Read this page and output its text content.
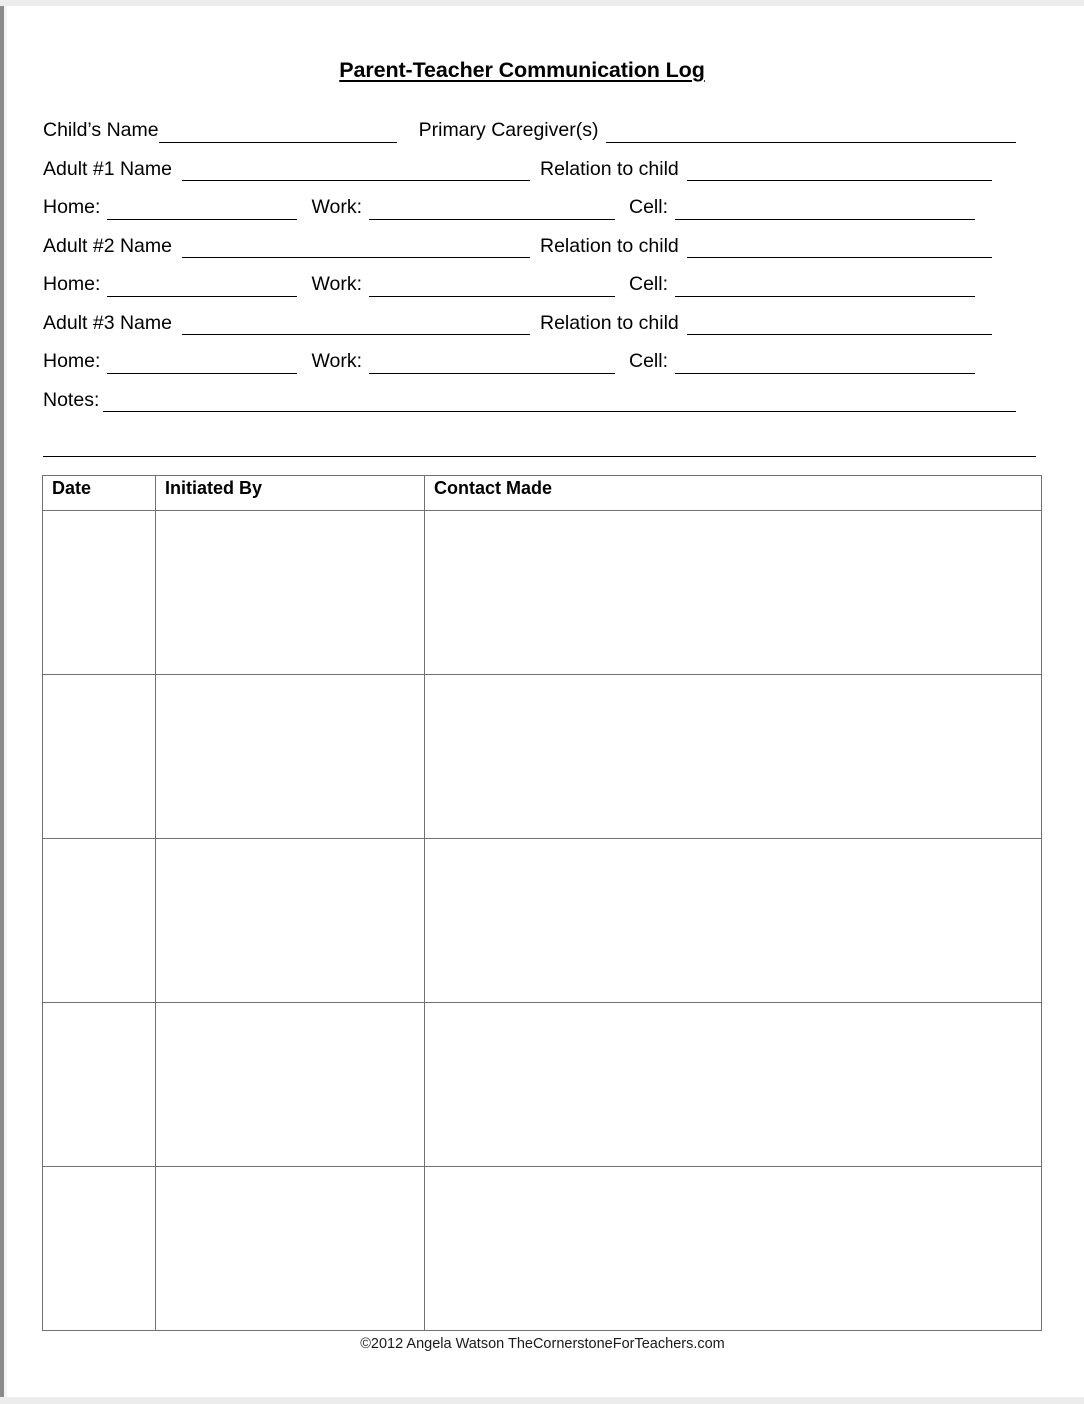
Parent-Teacher Communication Log
Child’s Name	Primary Caregiver(s)
Adult #1 Name	Relation to child
Home:	Work:	Cell:
Adult #2 Name	Relation to child
Home:	Work:	Cell:
Adult #3 Name	Relation to child
Home:	Work:	Cell:
Notes:
Date	Initiated By	Contact Made

©2012 Angela Watson TheCornerstoneForTeachers.com
